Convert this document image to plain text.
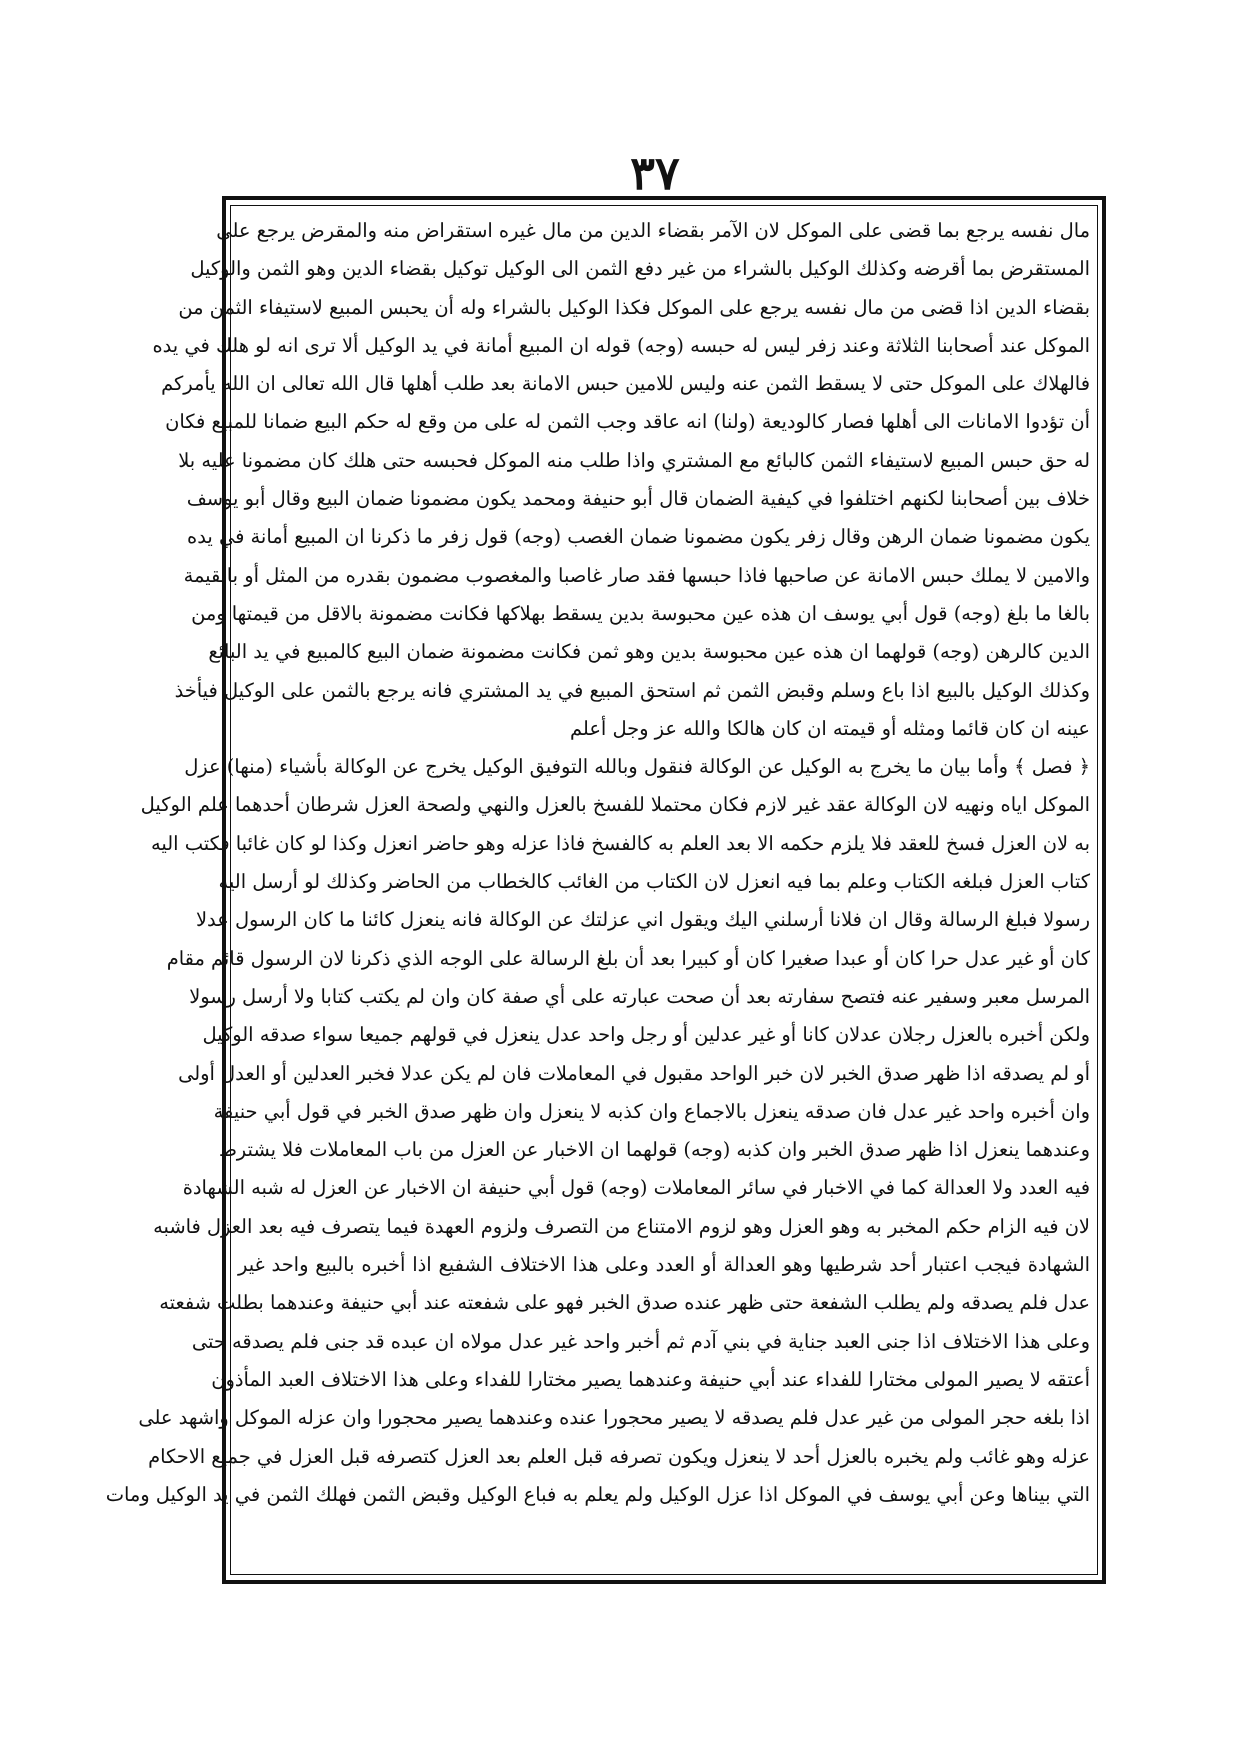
٣٧
مال نفسه يرجع بما قضى على الموكل لان الآمر بقضاء الدين من مال غيره استقراض منه والمقرض يرجع على
المستقرض بما أقرضه وكذلك الوكيل بالشراء من غير دفع الثمن الى الوكيل توكيل بقضاء الدين وهو الثمن والوكيل
بقضاء الدين اذا قضى من مال نفسه يرجع على الموكل فكذا الوكيل بالشراء وله أن يحبس المبيع لاستيفاء الثمن من
الموكل عند أصحابنا الثلاثة وعند زفر ليس له حبسه (وجه) قوله ان المبيع أمانة في يد الوكيل ألا ترى انه لو هلك في يده
فالهلاك على الموكل حتى لا يسقط الثمن عنه وليس للامين حبس الامانة بعد طلب أهلها قال الله تعالى ان الله يأمركم
أن تؤدوا الامانات الى أهلها فصار كالوديعة (ولنا) انه عاقد وجب الثمن له على من وقع له حكم البيع ضمانا للمبيع فكان
له حق حبس المبيع لاستيفاء الثمن كالبائع مع المشتري واذا طلب منه الموكل فحبسه حتى هلك كان مضمونا عليه بلا
خلاف بين أصحابنا لكنهم اختلفوا في كيفية الضمان قال أبو حنيفة ومحمد يكون مضمونا ضمان البيع وقال أبو يوسف
يكون مضمونا ضمان الرهن وقال زفر يكون مضمونا ضمان الغصب (وجه) قول زفر ما ذكرنا ان المبيع أمانة في يده
والامين لا يملك حبس الامانة عن صاحبها فاذا حبسها فقد صار غاصبا والمغصوب مضمون بقدره من المثل أو بالقيمة
بالغا ما بلغ (وجه) قول أبي يوسف ان هذه عين محبوسة بدين يسقط بهلاكها فكانت مضمونة بالاقل من قيمتها ومن
الدين كالرهن (وجه) قولهما ان هذه عين محبوسة بدين وهو ثمن فكانت مضمونة ضمان البيع كالمبيع في يد البائع
وكذلك الوكيل بالبيع اذا باع وسلم وقبض الثمن ثم استحق المبيع في يد المشتري فانه يرجع بالثمن على الوكيل فيأخذ
عينه ان كان قائما ومثله أو قيمته ان كان هالكا والله عز وجل أعلم
﴿ فصل ﴾ وأما بيان ما يخرج به الوكيل عن الوكالة فنقول وبالله التوفيق الوكيل يخرج عن الوكالة بأشياء (منها) عزل
الموكل اياه ونهيه لان الوكالة عقد غير لازم فكان محتملا للفسخ بالعزل والنهي ولصحة العزل شرطان أحدهما علم الوكيل
به لان العزل فسخ للعقد فلا يلزم حكمه الا بعد العلم به كالفسخ فاذا عزله وهو حاضر انعزل وكذا لو كان غائبا فكتب اليه
كتاب العزل فبلغه الكتاب وعلم بما فيه انعزل لان الكتاب من الغائب كالخطاب من الحاضر وكذلك لو أرسل اليه
رسولا فبلغ الرسالة وقال ان فلانا أرسلني اليك ويقول اني عزلتك عن الوكالة فانه ينعزل كائنا ما كان الرسول عدلا
كان أو غير عدل حرا كان أو عبدا صغيرا كان أو كبيرا بعد أن بلغ الرسالة على الوجه الذي ذكرنا لان الرسول قائم مقام
المرسل معبر وسفير عنه فتصح سفارته بعد أن صحت عبارته على أي صفة كان وان لم يكتب كتابا ولا أرسل رسولا
ولكن أخبره بالعزل رجلان عدلان كانا أو غير عدلين أو رجل واحد عدل ينعزل في قولهم جميعا سواء صدقه الوكيل
أو لم يصدقه اذا ظهر صدق الخبر لان خبر الواحد مقبول في المعاملات فان لم يكن عدلا فخبر العدلين أو العدل أولى
وان أخبره واحد غير عدل فان صدقه ينعزل بالاجماع وان كذبه لا ينعزل وان ظهر صدق الخبر في قول أبي حنيفة
وعندهما ينعزل اذا ظهر صدق الخبر وان كذبه (وجه) قولهما ان الاخبار عن العزل من باب المعاملات فلا يشترط
فيه العدد ولا العدالة كما في الاخبار في سائر المعاملات (وجه) قول أبي حنيفة ان الاخبار عن العزل له شبه الشهادة
لان فيه الزام حكم المخبر به وهو العزل وهو لزوم الامتناع من التصرف ولزوم العهدة فيما يتصرف فيه بعد العزل فاشبه
الشهادة فيجب اعتبار أحد شرطيها وهو العدالة أو العدد وعلى هذا الاختلاف الشفيع اذا أخبره بالبيع واحد غير
عدل فلم يصدقه ولم يطلب الشفعة حتى ظهر عنده صدق الخبر فهو على شفعته عند أبي حنيفة وعندهما بطلت شفعته
وعلى هذا الاختلاف اذا جنى العبد جناية في بني آدم ثم أخبر واحد غير عدل مولاه ان عبده قد جنى فلم يصدقه حتى
أعتقه لا يصير المولى مختارا للفداء عند أبي حنيفة وعندهما يصير مختارا للفداء وعلى هذا الاختلاف العبد المأذون
اذا بلغه حجر المولى من غير عدل فلم يصدقه لا يصير محجورا عنده وعندهما يصير محجورا وان عزله الموكل واشهد على
عزله وهو غائب ولم يخبره بالعزل أحد لا ينعزل ويكون تصرفه قبل العلم بعد العزل كتصرفه قبل العزل في جميع الاحكام
التي بيناها وعن أبي يوسف في الموكل اذا عزل الوكيل ولم يعلم به فباع الوكيل وقبض الثمن فهلك الثمن في يد الوكيل ومات
